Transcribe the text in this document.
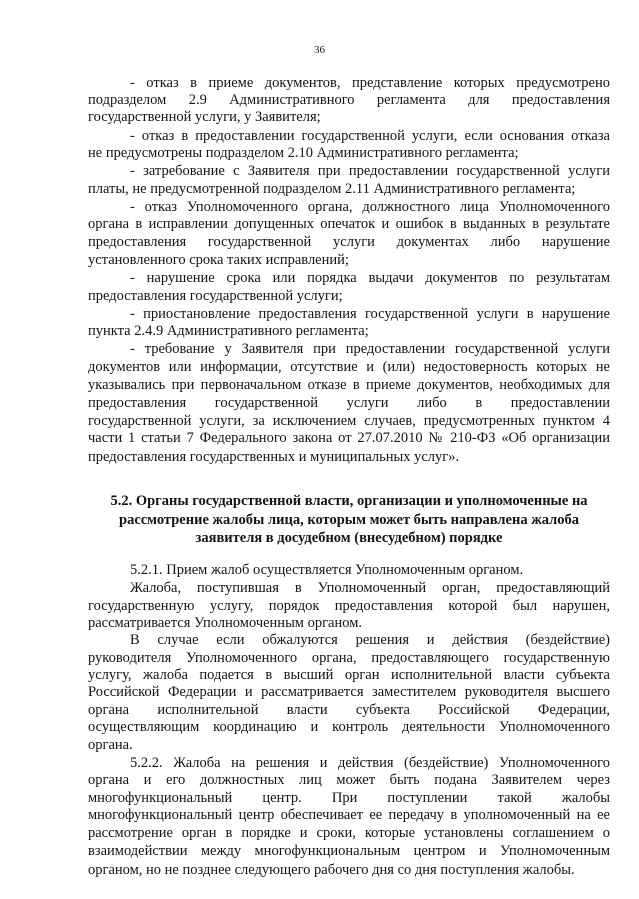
36
- отказ в приеме документов, представление которых предусмотрено
подразделом 2.9 Административного регламента для предоставления
государственной услуги, у Заявителя;
- отказ в предоставлении государственной услуги, если основания отказа
не предусмотрены подразделом 2.10 Административного регламента;
- затребование с Заявителя при предоставлении государственной услуги
платы, не предусмотренной подразделом 2.11 Административного регламента;
- отказ Уполномоченного органа, должностного лица Уполномоченного
органа в исправлении допущенных опечаток и ошибок в выданных в результате
предоставления государственной услуги документах либо нарушение
установленного срока таких исправлений;
- нарушение срока или порядка выдачи документов по результатам
предоставления государственной услуги;
- приостановление предоставления государственной услуги в нарушение
пункта 2.4.9 Административного регламента;
- требование у Заявителя при предоставлении государственной услуги
документов или информации, отсутствие и (или) недостоверность которых не
указывались при первоначальном отказе в приеме документов, необходимых для
предоставления государственной услуги либо в предоставлении
государственной услуги, за исключением случаев, предусмотренных пунктом 4
части 1 статьи 7 Федерального закона от 27.07.2010 № 210-ФЗ «Об организации
предоставления государственных и муниципальных услуг».
5.2. Органы государственной власти, организации и уполномоченные на
рассмотрение жалобы лица, которым может быть направлена жалоба
заявителя в досудебном (внесудебном) порядке
5.2.1. Прием жалоб осуществляется Уполномоченным органом.
Жалоба, поступившая в Уполномоченный орган, предоставляющий
государственную услугу, порядок предоставления которой был нарушен,
рассматривается Уполномоченным органом.
В случае если обжалуются решения и действия (бездействие)
руководителя Уполномоченного органа, предоставляющего государственную
услугу, жалоба подается в высший орган исполнительной власти субъекта
Российской Федерации и рассматривается заместителем руководителя высшего
органа исполнительной власти субъекта Российской Федерации,
осуществляющим координацию и контроль деятельности Уполномоченного
органа.
5.2.2. Жалоба на решения и действия (бездействие) Уполномоченного
органа и его должностных лиц может быть подана Заявителем через
многофункциональный центр. При поступлении такой жалобы
многофункциональный центр обеспечивает ее передачу в уполномоченный на ее
рассмотрение орган в порядке и сроки, которые установлены соглашением о
взаимодействии между многофункциональным центром и Уполномоченным
органом, но не позднее следующего рабочего дня со дня поступления жалобы.
